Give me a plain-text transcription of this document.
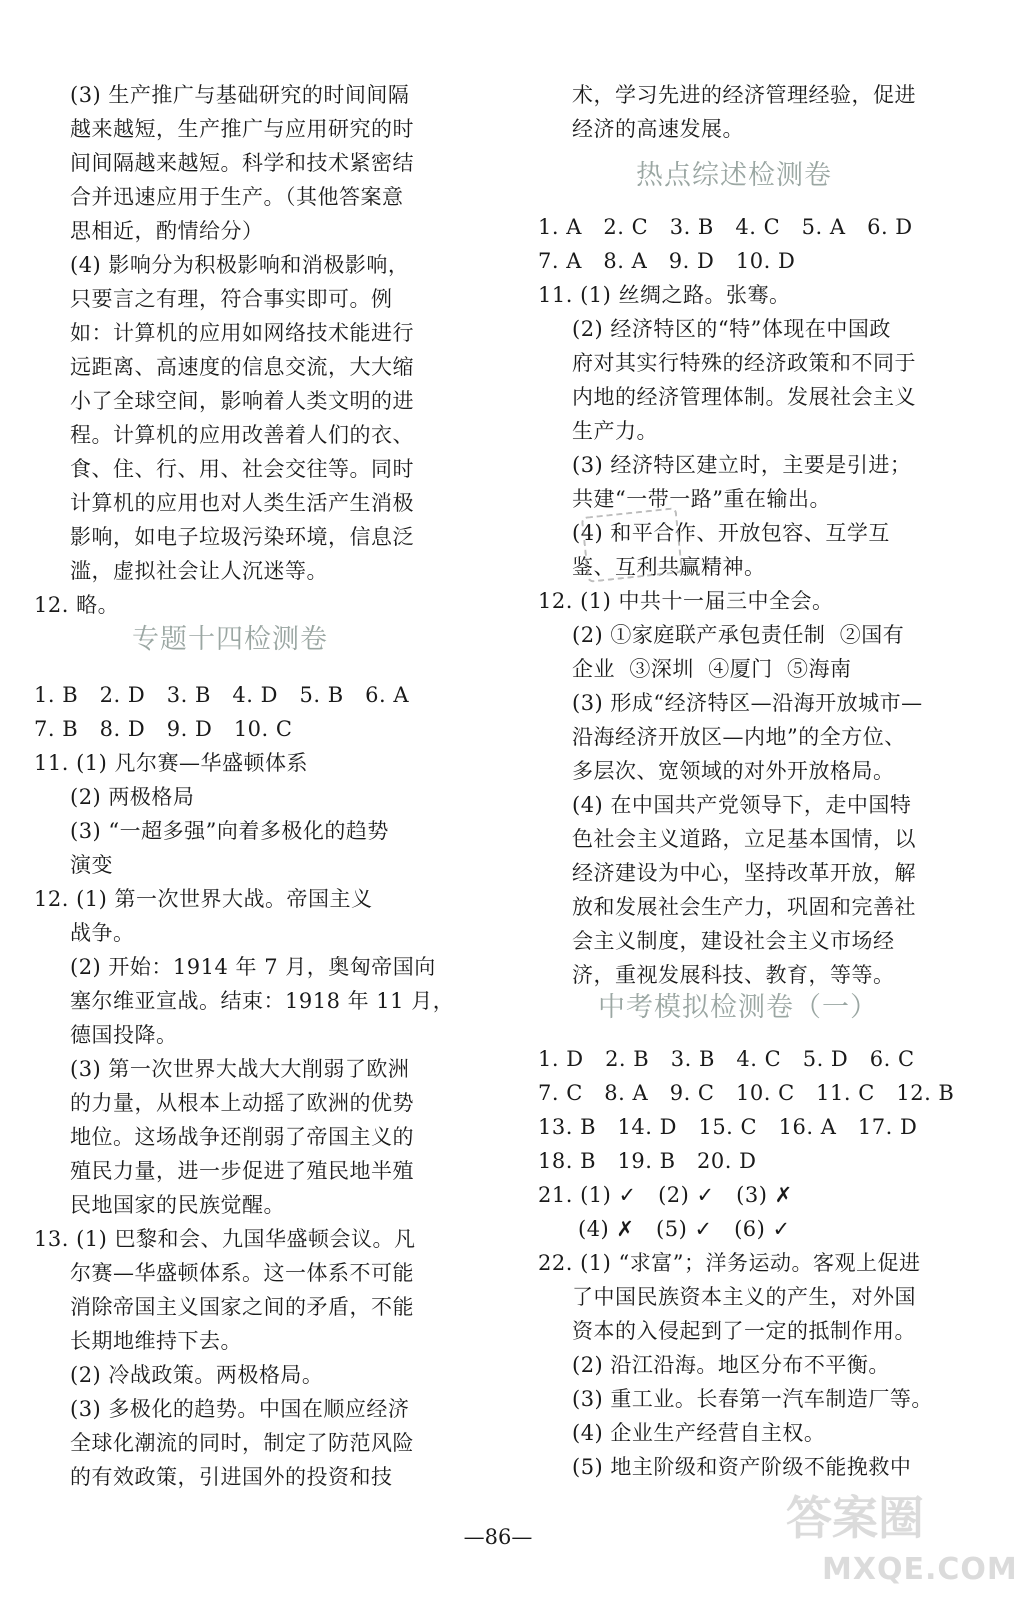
(3) 生产推广与基础研究的时间间隔
越来越短，生产推广与应用研究的时
间间隔越来越短。科学和技术紧密结
合并迅速应用于生产。（其他答案意
思相近，酌情给分）
(4) 影响分为积极影响和消极影响，
只要言之有理，符合事实即可。例
如：计算机的应用如网络技术能进行
远距离、高速度的信息交流，大大缩
小了全球空间，影响着人类文明的进
程。计算机的应用改善着人们的衣、
食、住、行、用、社会交往等。同时
计算机的应用也对人类生活产生消极
影响，如电子垃圾污染环境，信息泛
滥，虚拟社会让人沉迷等。
12. 略。
专题十四检测卷
1. B   2. D   3. B   4. D   5. B   6. A
7. B   8. D   9. D   10. C
11. (1) 凡尔赛—华盛顿体系
(2) 两极格局
(3) “一超多强”向着多极化的趋势
演变
12. (1) 第一次世界大战。帝国主义
战争。
(2) 开始：1914 年 7 月，奥匈帝国向
塞尔维亚宣战。结束：1918 年 11 月，
德国投降。
(3) 第一次世界大战大大削弱了欧洲
的力量，从根本上动摇了欧洲的优势
地位。这场战争还削弱了帝国主义的
殖民力量，进一步促进了殖民地半殖
民地国家的民族觉醒。
13. (1) 巴黎和会、九国华盛顿会议。凡
尔赛—华盛顿体系。这一体系不可能
消除帝国主义国家之间的矛盾，不能
长期地维持下去。
(2) 冷战政策。两极格局。
(3) 多极化的趋势。中国在顺应经济
全球化潮流的同时，制定了防范风险
的有效政策，引进国外的投资和技
术，学习先进的经济管理经验，促进
经济的高速发展。
热点综述检测卷
1. A   2. C   3. B   4. C   5. A   6. D
7. A   8. A   9. D   10. D
11. (1) 丝绸之路。张骞。
(2) 经济特区的“特”体现在中国政
府对其实行特殊的经济政策和不同于
内地的经济管理体制。发展社会主义
生产力。
(3) 经济特区建立时，主要是引进；
共建“一带一路”重在输出。
(4) 和平合作、开放包容、互学互
鉴、互利共赢精神。
12. (1) 中共十一届三中全会。
(2) ①家庭联产承包责任制  ②国有
企业  ③深圳  ④厦门  ⑤海南
(3) 形成“经济特区—沿海开放城市—
沿海经济开放区—内地”的全方位、
多层次、宽领域的对外开放格局。
(4) 在中国共产党领导下，走中国特
色社会主义道路，立足基本国情，以
经济建设为中心，坚持改革开放，解
放和发展社会生产力，巩固和完善社
会主义制度，建设社会主义市场经
济，重视发展科技、教育，等等。
中考模拟检测卷（一）
1. D   2. B   3. B   4. C   5. D   6. C
7. C   8. A   9. C   10. C   11. C   12. B
13. B   14. D   15. C   16. A   17. D
18. B   19. B   20. D
21. (1) ✓   (2) ✓   (3) ✗
(4) ✗   (5) ✓   (6) ✓
22. (1) “求富”；洋务运动。客观上促进
了中国民族资本主义的产生，对外国
资本的入侵起到了一定的抵制作用。
(2) 沿江沿海。地区分布不平衡。
(3) 重工业。长春第一汽车制造厂等。
(4) 企业生产经营自主权。
(5) 地主阶级和资产阶级不能挽救中
—86—	答案圈
MXQE.COM
